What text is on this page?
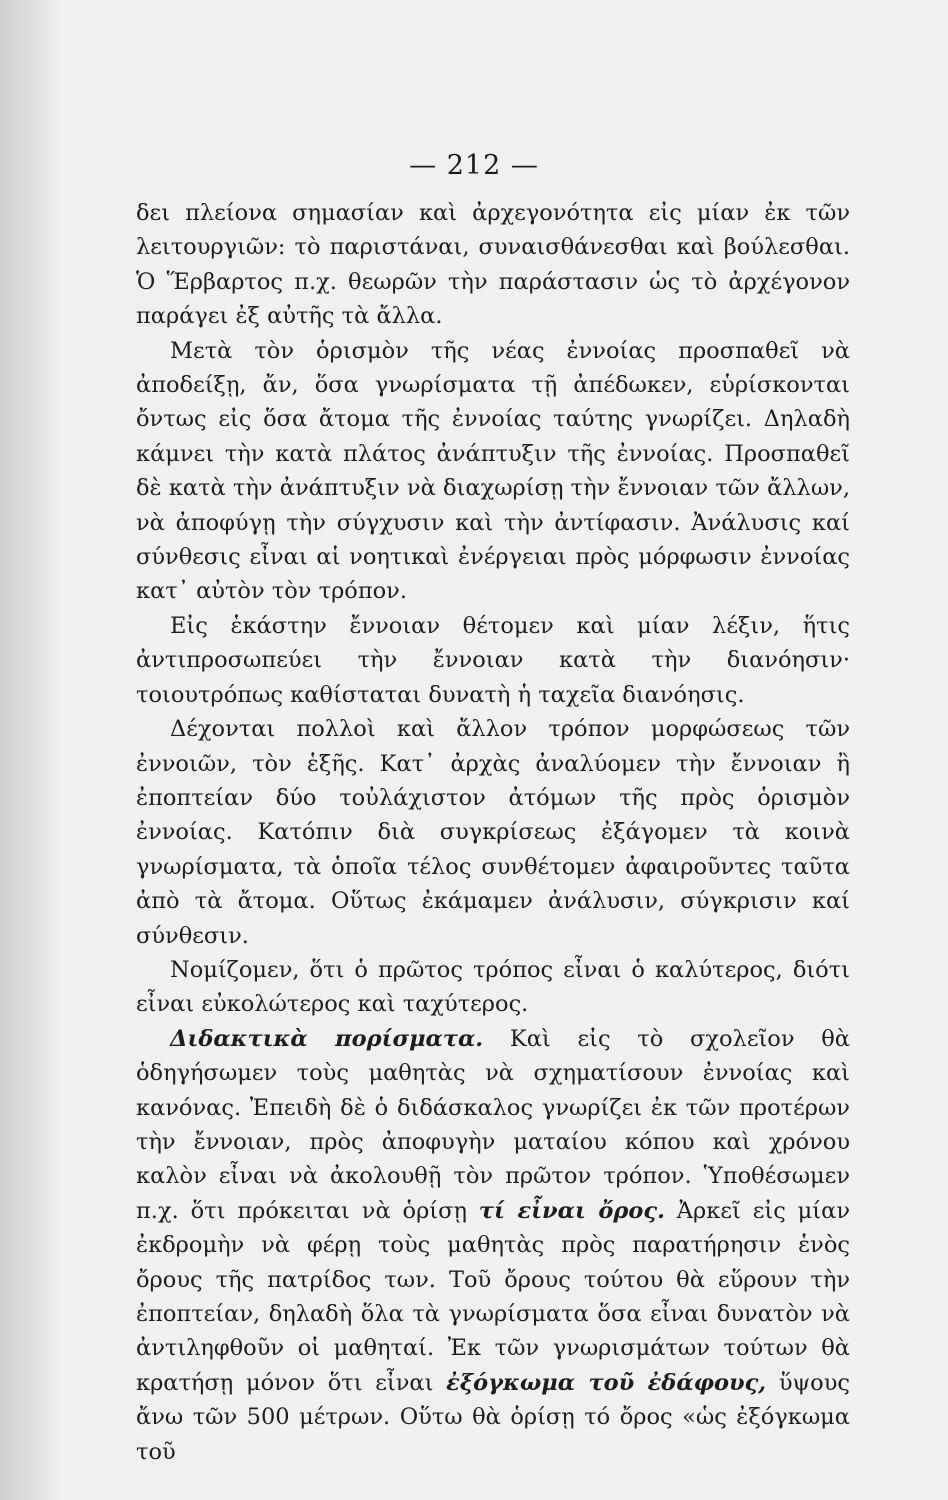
— 212 —

δει πλείονα σημασίαν καὶ ἀρχεγονότητα εἰς μίαν ἐκ τῶν λειτουργιῶν: τὸ παριστάναι, συναισθάνεσθαι καὶ βούλεσθαι. Ὁ Ἕρβαρτος π.χ. θεωρῶν τὴν παράστασιν ὡς τὸ ἀρχέγονον παράγει ἐξ αὐτῆς τὰ ἄλλα.

Μετὰ τὸν ὁρισμὸν τῆς νέας ἐννοίας προσπαθεῖ νὰ ἀποδείξῃ, ἄν, ὅσα γνωρίσματα τῇ ἀπέδωκεν, εὑρίσκονται ὄντως εἰς ὅσα ἄτομα τῆς ἐννοίας ταύτης γνωρίζει. Δηλαδὴ κάμνει τὴν κατὰ πλάτος ἀνάπτυξιν τῆς ἐννοίας. Προσπαθεῖ δὲ κατὰ τὴν ἀνάπτυξιν νὰ διαχωρίσῃ τὴν ἔννοιαν τῶν ἄλλων, νὰ ἀποφύγῃ τὴν σύγχυσιν καὶ τὴν ἀντίφασιν. Ἀνάλυσις καί σύνθεσις εἶναι αἱ νοητικαὶ ἐνέργειαι πρὸς μόρφωσιν ἐννοίας κατ᾽ αὐτὸν τὸν τρόπον.

Εἰς ἑκάστην ἔννοιαν θέτομεν καὶ μίαν λέξιν, ἥτις ἀντιπροσωπεύει τὴν ἔννοιαν κατὰ τὴν διανόησιν· τοιουτρόπως καθίσταται δυνατὴ ἡ ταχεῖα διανόησις.

Δέχονται πολλοὶ καὶ ἄλλον τρόπον μορφώσεως τῶν ἐννοιῶν, τὸν ἑξῆς. Κατ᾽ ἀρχὰς ἀναλύομεν τὴν ἔννοιαν ἢ ἐποπτείαν δύο τοὐλάχιστον ἀτόμων τῆς πρὸς ὁρισμὸν ἐννοίας. Κατόπιν διὰ συγκρίσεως ἐξάγομεν τὰ κοινὰ γνωρίσματα, τὰ ὁποῖα τέλος συνθέτομεν ἀφαιροῦντες ταῦτα ἀπὸ τὰ ἄτομα. Οὕτως ἐκάμαμεν ἀνάλυσιν, σύγκρισιν καί σύνθεσιν.

Νομίζομεν, ὅτι ὁ πρῶτος τρόπος εἶναι ὁ καλύτερος, διότι εἶναι εὐκολώτερος καὶ ταχύτερος.

Διδακτικὰ πορίσματα. Καὶ εἰς τὸ σχολεῖον θὰ ὁδηγήσωμεν τοὺς μαθητὰς νὰ σχηματίσουν ἐννοίας καὶ κανόνας. Ἐπειδὴ δὲ ὁ διδάσκαλος γνωρίζει ἐκ τῶν προτέρων τὴν ἔννοιαν, πρὸς ἀποφυγὴν ματαίου κόπου καὶ χρόνου καλὸν εἶναι νὰ ἀκολουθῇ τὸν πρῶτον τρόπον. Ὑποθέσωμεν π.χ. ὅτι πρόκειται νὰ ὁρίσῃ τί εἶναι ὄρος. Ἀρκεῖ εἰς μίαν ἐκδρομὴν νὰ φέρῃ τοὺς μαθητὰς πρὸς παρατήρησιν ἑνὸς ὄρους τῆς πατρίδος των. Τοῦ ὄρους τούτου θὰ εὕρουν τὴν ἐποπτείαν, δηλαδὴ ὅλα τὰ γνωρίσματα ὅσα εἶναι δυνατὸν νὰ ἀντιληφθοῦν οἱ μαθηταί. Ἐκ τῶν γνωρισμάτων τούτων θὰ κρατήσῃ μόνον ὅτι εἶναι ἐξόγκωμα τοῦ ἐδάφους, ὕψους ἄνω τῶν 500 μέτρων. Οὕτω θὰ ὁρίσῃ τό ὄρος «ὡς ἐξόγκωμα τοῦ
